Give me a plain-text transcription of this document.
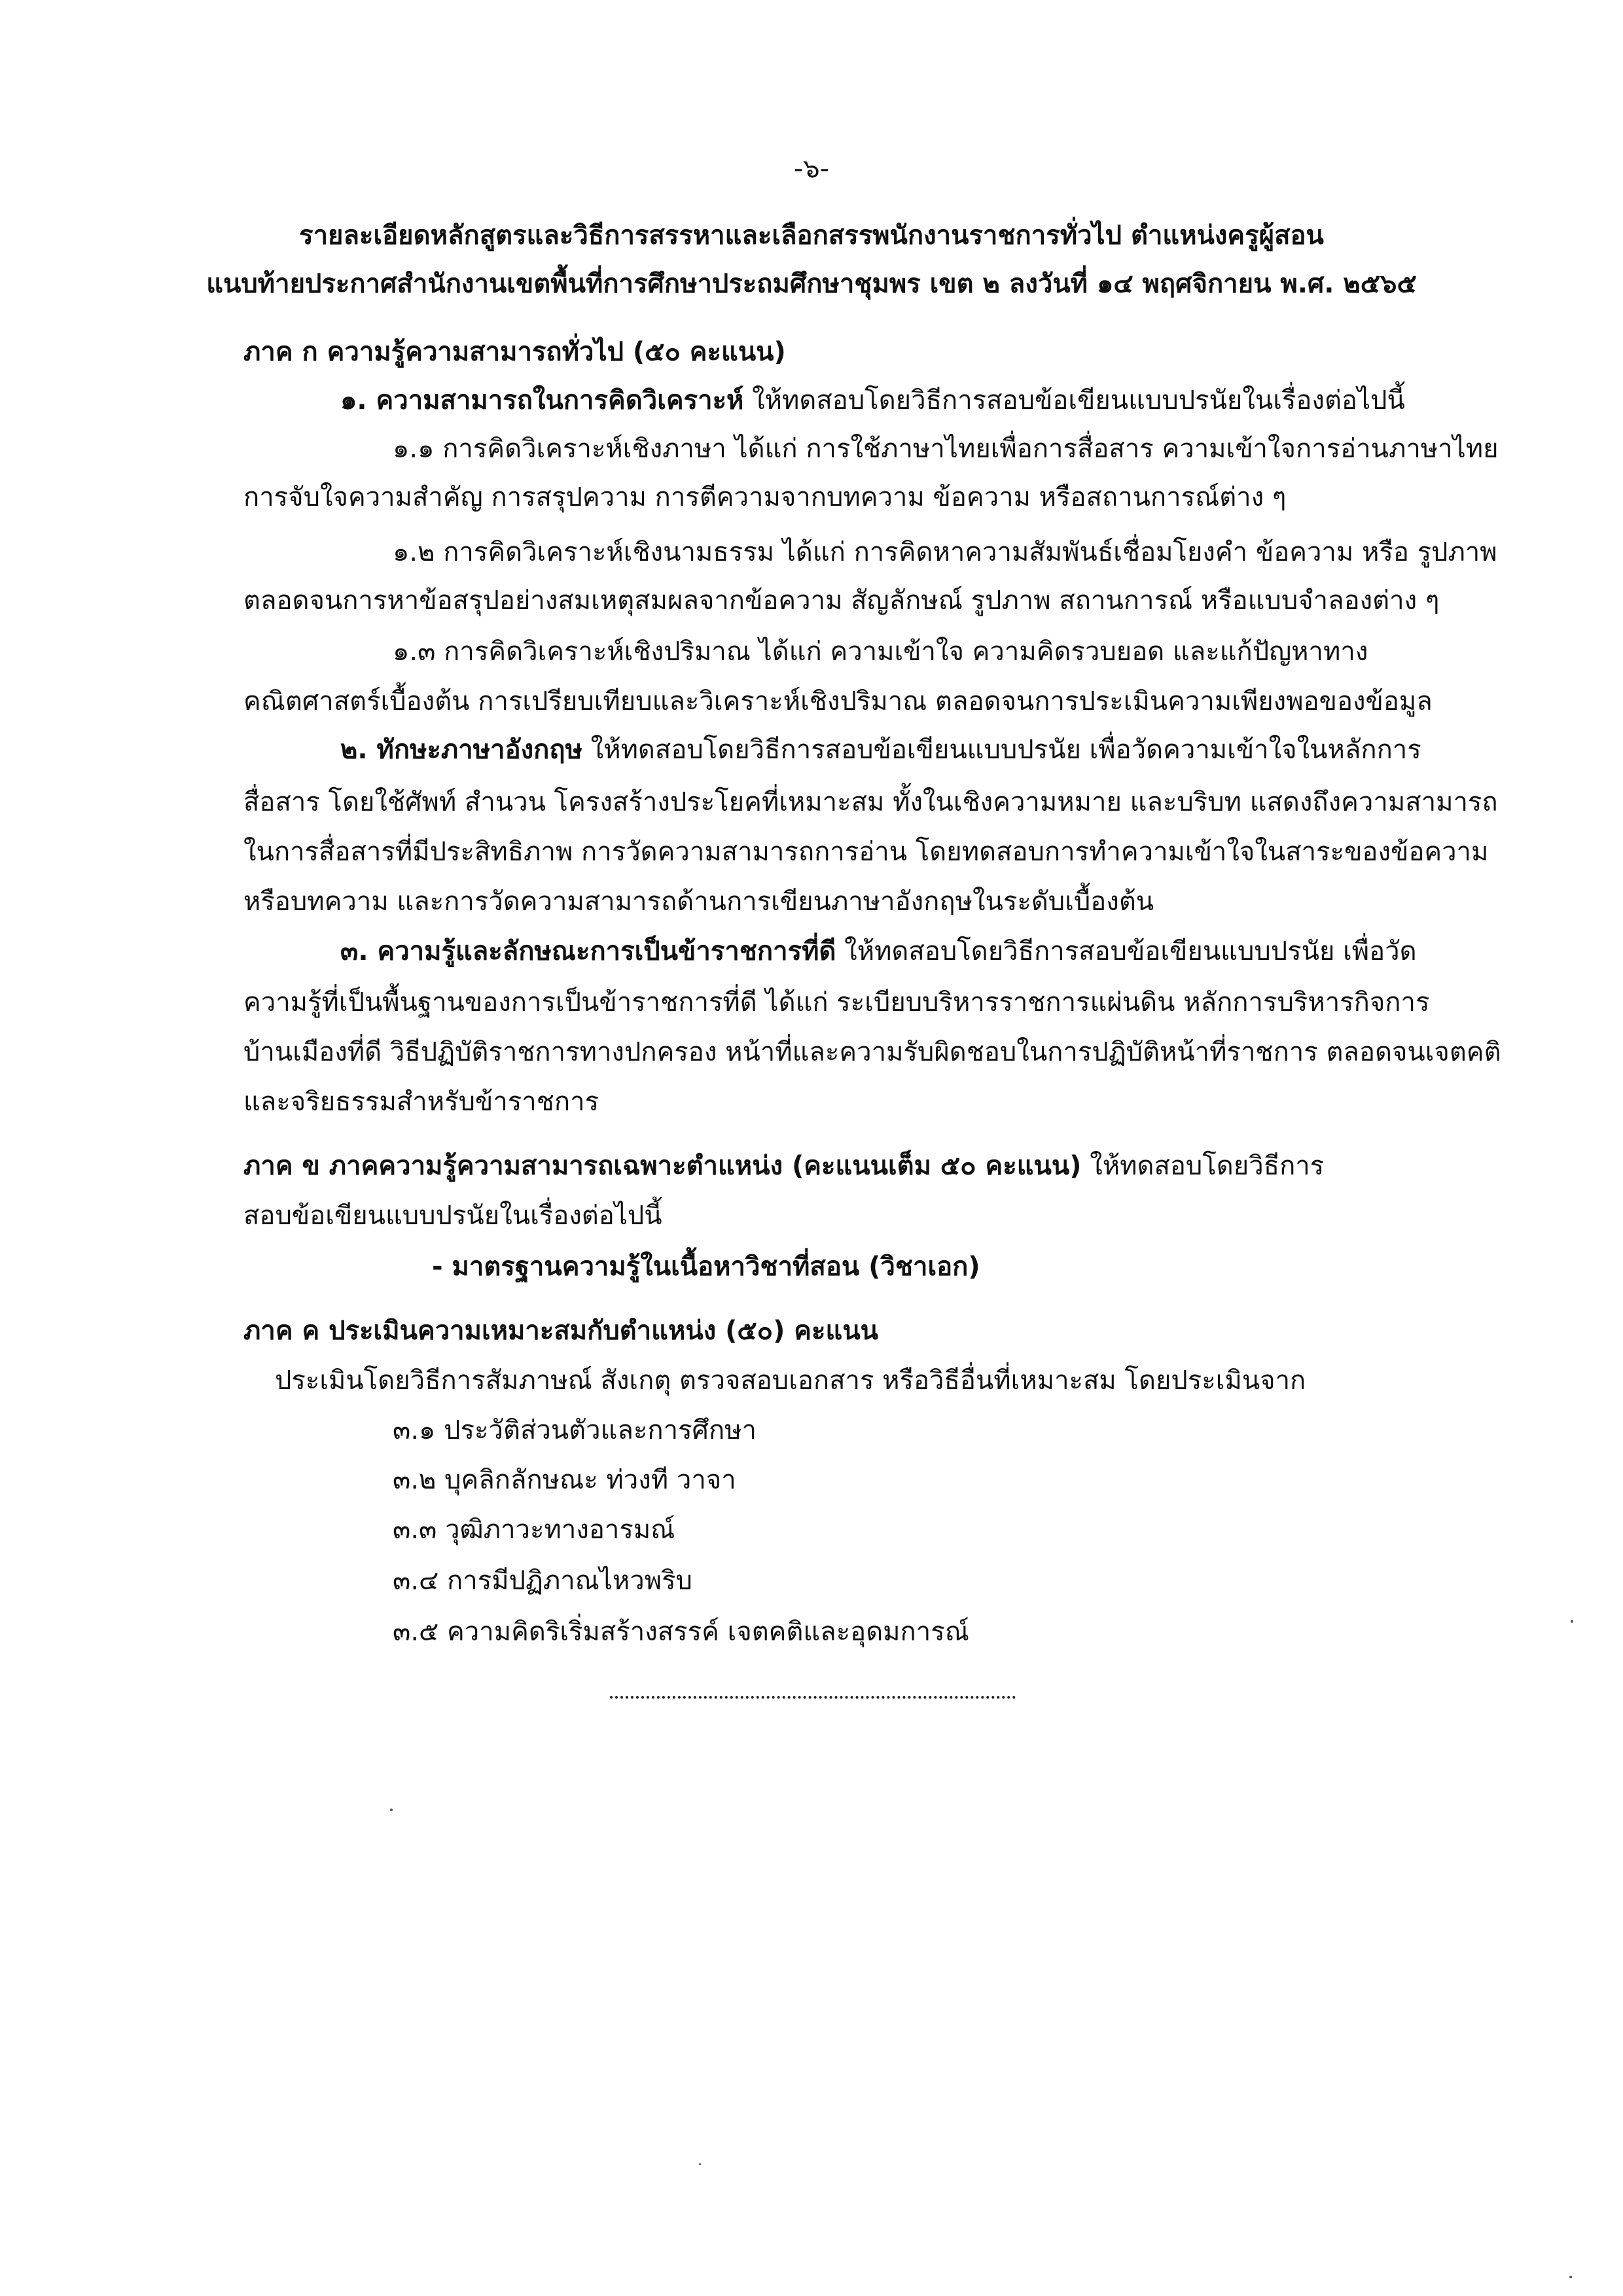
-๖-
รายละเอียดหลักสูตรและวิธีการสรรหาและเลือกสรรพนักงานราชการทั่วไป ตำแหน่งครูผู้สอน
แนบท้ายประกาศสำนักงานเขตพื้นที่การศึกษาประถมศึกษาชุมพร เขต ๒ ลงวันที่ ๑๔ พฤศจิกายน พ.ศ. ๒๕๖๕
ภาค ก ความรู้ความสามารถทั่วไป (๕๐ คะแนน)
๑. ความสามารถในการคิดวิเคราะห์ ให้ทดสอบโดยวิธีการสอบข้อเขียนแบบปรนัยในเรื่องต่อไปนี้
๑.๑ การคิดวิเคราะห์เชิงภาษา ได้แก่ การใช้ภาษาไทยเพื่อการสื่อสาร ความเข้าใจการอ่านภาษาไทย
การจับใจความสำคัญ การสรุปความ การตีความจากบทความ ข้อความ หรือสถานการณ์ต่าง ๆ
๑.๒ การคิดวิเคราะห์เชิงนามธรรม ได้แก่ การคิดหาความสัมพันธ์เชื่อมโยงคำ ข้อความ หรือ รูปภาพ
ตลอดจนการหาข้อสรุปอย่างสมเหตุสมผลจากข้อความ สัญลักษณ์ รูปภาพ สถานการณ์ หรือแบบจำลองต่าง ๆ
๑.๓ การคิดวิเคราะห์เชิงปริมาณ ได้แก่ ความเข้าใจ ความคิดรวบยอด และแก้ปัญหาทาง
คณิตศาสตร์เบื้องต้น การเปรียบเทียบและวิเคราะห์เชิงปริมาณ ตลอดจนการประเมินความเพียงพอของข้อมูล
๒. ทักษะภาษาอังกฤษ ให้ทดสอบโดยวิธีการสอบข้อเขียนแบบปรนัย เพื่อวัดความเข้าใจในหลักการ
สื่อสาร โดยใช้ศัพท์ สำนวน โครงสร้างประโยคที่เหมาะสม ทั้งในเชิงความหมาย และบริบท แสดงถึงความสามารถ
ในการสื่อสารที่มีประสิทธิภาพ การวัดความสามารถการอ่าน โดยทดสอบการทำความเข้าใจในสาระของข้อความ
หรือบทความ และการวัดความสามารถด้านการเขียนภาษาอังกฤษในระดับเบื้องต้น
๓. ความรู้และลักษณะการเป็นข้าราชการที่ดี ให้ทดสอบโดยวิธีการสอบข้อเขียนแบบปรนัย เพื่อวัด
ความรู้ที่เป็นพื้นฐานของการเป็นข้าราชการที่ดี ได้แก่ ระเบียบบริหารราชการแผ่นดิน หลักการบริหารกิจการ
บ้านเมืองที่ดี วิธีปฏิบัติราชการทางปกครอง หน้าที่และความรับผิดชอบในการปฏิบัติหน้าที่ราชการ ตลอดจนเจตคติ
และจริยธรรมสำหรับข้าราชการ
ภาค ข ภาคความรู้ความสามารถเฉพาะตำแหน่ง (คะแนนเต็ม ๕๐ คะแนน) ให้ทดสอบโดยวิธีการ
สอบข้อเขียนแบบปรนัยในเรื่องต่อไปนี้
- มาตรฐานความรู้ในเนื้อหาวิชาที่สอน (วิชาเอก)
ภาค ค ประเมินความเหมาะสมกับตำแหน่ง (๕๐) คะแนน
ประเมินโดยวิธีการสัมภาษณ์ สังเกตุ ตรวจสอบเอกสาร หรือวิธีอื่นที่เหมาะสม โดยประเมินจาก
๓.๑ ประวัติส่วนตัวและการศึกษา
๓.๒ บุคลิกลักษณะ ท่วงที วาจา
๓.๓ วุฒิภาวะทางอารมณ์
๓.๔ การมีปฏิภาณไหวพริบ
๓.๕ ความคิดริเริ่มสร้างสรรค์ เจตคติและอุดมการณ์
